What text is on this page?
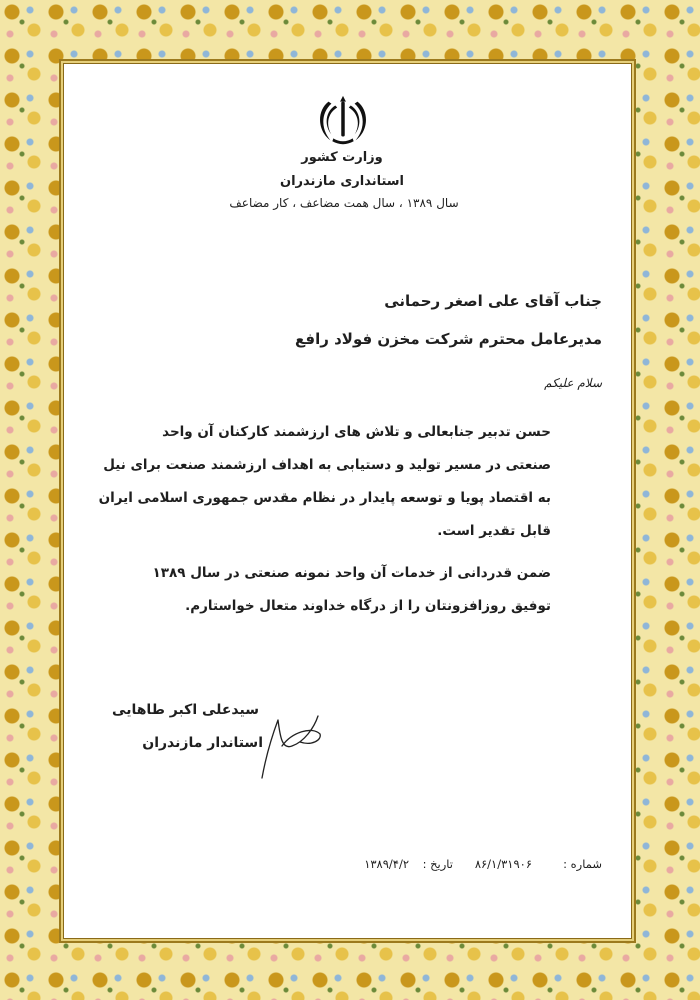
وزارت کشور
استانداری مازندران
سال ۱۳۸۹ ، سال همت مضاعف ، کار مضاعف
جناب آقای علی اصغر رحمانی
مدیرعامل محترم شرکت مخزن فولاد رافع
سلام علیکم
حسن تدبیر جنابعالی و تلاش های ارزشمند کارکنان آن واحد
صنعتی در مسیر تولید و دستیابی به اهداف ارزشمند صنعت برای نیل
به اقتصاد پویا و توسعه پایدار در نظام مقدس جمهوری اسلامی ایران
قابل تقدیر است.
ضمن قدردانی از خدمات آن واحد نمونه صنعتی در سال ۱۳۸۹
توفیق روزافزونتان را از درگاه خداوند متعال خواستارم.
سیدعلی اکبر طاهایی
استاندار مازندران
شماره :
۸۶/۱/۳۱۹۰۶
تاریخ :
۱۳۸۹/۴/۲
